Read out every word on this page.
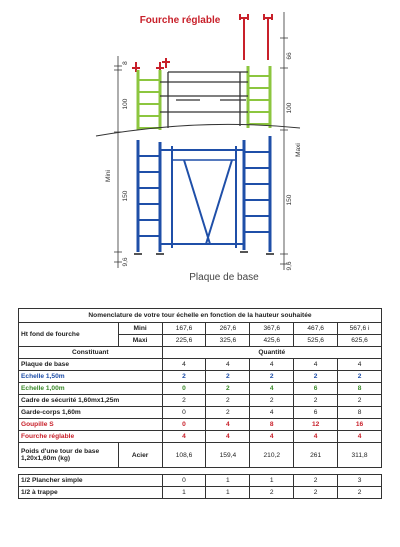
Fourche réglable
8
100
Mini
150
9,6
66
100
Maxi
150
9,6
Plaque de base
Nomenclature de votre tour échelle en fonction de la hauteur souhaitée						
Ht fond de fourche	Mini	167,6	267,6	367,6	467,6	567,6 i
	Maxi	225,6	325,6	425,6	525,6	625,6
Constituant		Quantité				
Plaque de base		4	4	4	4	4
Echelle 1,50m		2	2	2	2	2
Echelle 1,00m		0	2	4	6	8
Cadre de sécurité 1,60mx1,25m		2	2	2	2	2
Garde-corps 1,60m		0	2	4	6	8
Goupille S		0	4	8	12	16
Fourche réglable		4	4	4	4	4
Poids d'une tour de base 1,20x1,60m (kg)	Acier	108,6	159,4	210,2	261	311,8

1/2 Plancher simple		0	1	1	2	3
1/2 à trappe		1	1	2	2	2
